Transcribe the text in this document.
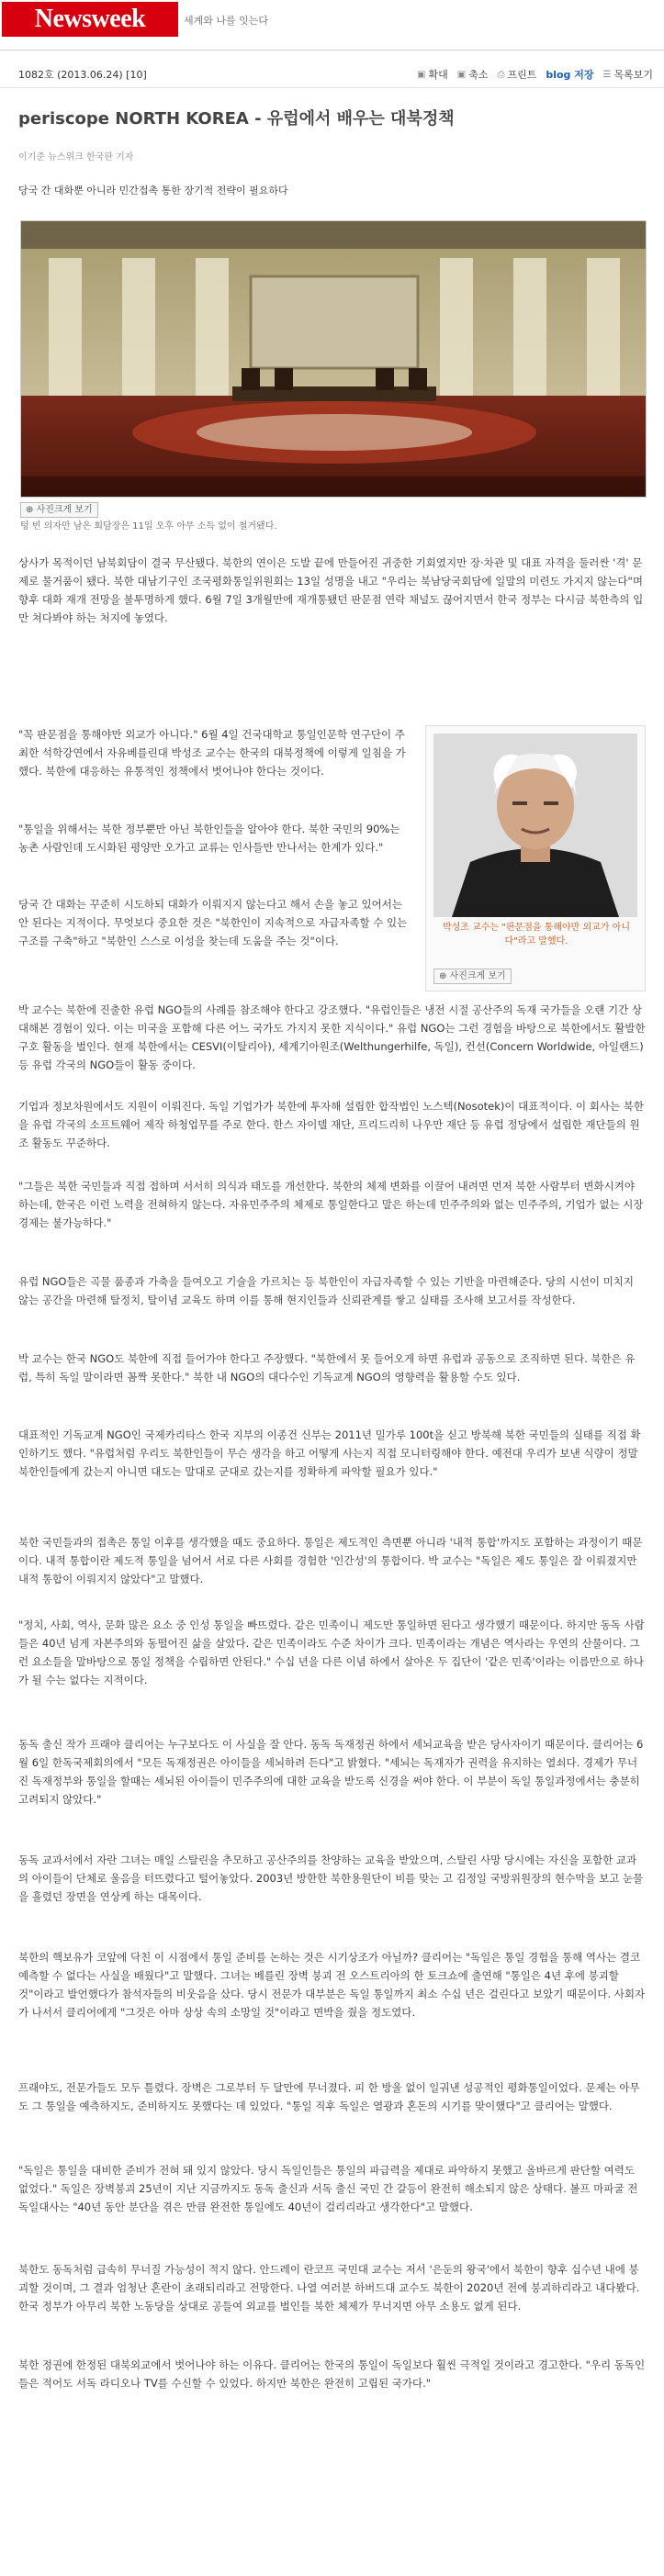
Newsweek	세계와 나를 잇는다
1082호 (2013.06.24) [10]	▣ 확대 ▣ 축소 ⎙ 프린트 blog 저장 ☰ 목록보기
periscope NORTH KOREA - 유럽에서 배우는 대북정책
이기준 뉴스위크 한국판 기자
당국 간 대화뿐 아니라 민간접촉 통한 장기적 전략이 필요하다
⊕ 사진크게 보기
텅 빈 의자만 남은 회담장은 11일 오후 아무 소득 없이 철거됐다.

상사가 목적이던 남북회담이 결국 무산됐다. 북한의 연이은 도발 끝에 만들어진 귀중한 기회였지만 장·차관 및 대표 자격을 둘러싼 '격' 문제로 물거품이 됐다. 북한 대남기구인 조국평화통일위원회는 13일 성명을 내고 "우리는 북남당국회담에 일말의 미련도 가지지 않는다"며 향후 대화 재개 전망을 불투명하게 했다. 6월 7일 3개월만에 재개통됐던 판문점 연락 채널도 끊어지면서 한국 정부는 다시금 북한측의 입만 쳐다봐야 하는 처지에 놓였다.

"꼭 판문점을 통해야만 외교가 아니다." 6월 4일 건국대학교 통일인문학 연구단이 주최한 석학강연에서 자유베를린대 박성조 교수는 한국의 대북정책에 이렇게 일침을 가했다. 북한에 대응하는 유통적인 정책에서 벗어나야 한다는 것이다.

"통일을 위해서는 북한 정부뿐만 아닌 북한인들을 알아야 한다. 북한 국민의 90%는 농촌 사람인데 도시화된 평양만 오가고 교류는 인사들만 만나서는 한계가 있다."

당국 간 대화는 꾸준히 시도하되 대화가 이뤄지지 않는다고 해서 손을 놓고 있어서는 안 된다는 지적이다. 무엇보다 중요한 것은 "북한인이 지속적으로 자급자족할 수 있는 구조를 구축"하고 "북한인 스스로 이성을 찾는데 도움을 주는 것"이다.

박성조 교수는 "판문점을 통해야만 외교가 아니다"라고 말했다.
⊕ 사진크게 보기

박 교수는 북한에 진출한 유럽 NGO들의 사례를 참조해야 한다고 강조했다. "유럽인들은 냉전 시절 공산주의 독재 국가들을 오랜 기간 상대해본 경험이 있다. 이는 미국을 포함해 다른 어느 국가도 가지지 못한 지식이다." 유럽 NGO는 그런 경험을 바탕으로 북한에서도 활발한 구호 활동을 벌인다. 현재 북한에서는 CESVI(이탈리아), 세계기아원조(Welthungerhilfe, 독일), 컨선(Concern Worldwide, 아일랜드) 등 유럽 각국의 NGO들이 활동 중이다.

기업과 정보차원에서도 지원이 이뤄진다. 독일 기업가가 북한에 투자해 설립한 합작법인 노스텍(Nosotek)이 대표적이다. 이 회사는 북한을 유럽 각국의 소프트웨어 제작 하청업무를 주로 한다. 한스 자이델 재단, 프리드리히 나우만 재단 등 유럽 정당에서 설립한 재단들의 원조 활동도 꾸준하다.

"그들은 북한 국민들과 직접 접하며 서서히 의식과 태도를 개선한다. 북한의 체제 변화를 이끌어 내려면 먼저 북한 사람부터 변화시켜야 하는데, 한국은 이런 노력을 전혀하지 않는다. 자유민주주의 체제로 통일한다고 말은 하는데 민주주의와 없는 민주주의, 기업가 없는 시장경제는 불가능하다."

유럽 NGO들은 곡물 품종과 가축을 들여오고 기술을 가르치는 등 북한인이 자급자족할 수 있는 기반을 마련해준다. 당의 시선이 미치지 않는 공간을 마련해 탈정치, 탈이념 교육도 하며 이를 통해 현지인들과 신뢰관계를 쌓고 실태를 조사해 보고서를 작성한다.

박 교수는 한국 NGO도 북한에 직접 들어가야 한다고 주장했다. "북한에서 못 들어오게 하면 유럽과 공동으로 조직하면 된다. 북한은 유럽, 특히 독일 말이라면 꼼짝 못한다." 북한 내 NGO의 대다수인 기독교계 NGO의 영향력을 활용할 수도 있다.

대표적인 기독교계 NGO인 국제카리타스 한국 지부의 이종건 신부는 2011년 밀가루 100t을 싣고 방북해 북한 국민들의 실태를 직접 확인하기도 했다. "유럽처럼 우리도 북한인들이 무슨 생각을 하고 어떻게 사는지 직접 모니터링해야 한다. 예전대 우리가 보낸 식량이 정말 북한인들에게 갔는지 아니면 대도는 말대로 군대로 갔는지를 정확하게 파악할 필요가 있다."

북한 국민들과의 접촉은 통일 이후를 생각했을 때도 중요하다. 통일은 제도적인 측면뿐 아니라 '내적 통합'까지도 포함하는 과정이기 때문이다. 내적 통합이란 제도적 통일을 넘어서 서로 다른 사회를 경험한 '인간성'의 통합이다. 박 교수는 "독일은 제도 통일은 잘 이뤄졌지만 내적 통합이 이뤄지지 않았다"고 말했다.

"정치, 사회, 역사, 문화 많은 요소 중 인성 통일을 빠뜨렸다. 같은 민족이니 제도만 통일하면 된다고 생각했기 때문이다. 하지만 동독 사람들은 40년 넘게 자본주의와 동떨어진 삶을 살았다. 같은 민족이라도 수준 차이가 크다. 민족이라는 개념은 역사라는 우연의 산물이다. 그런 요소들을 말바탕으로 통일 정책을 수립하면 안된다." 수십 년을 다른 이념 하에서 살아온 두 집단이 '같은 민족'이라는 이름만으로 하나가 될 수는 없다는 지적이다.

동독 출신 작가 프래야 클리어는 누구보다도 이 사실을 잘 안다. 동독 독재정권 하에서 세뇌교육을 받은 당사자이기 때문이다. 클리어는 6월 6일 한독국제회의에서 "모든 독재정권은 아이들을 세뇌하려 든다"고 밝혔다. "세뇌는 독재자가 권력을 유지하는 열쇠다. 경제가 무너진 독재정부와 통일을 할때는 세뇌된 아이들이 민주주의에 대한 교육을 받도록 신경을 써야 한다. 이 부분이 독일 통일과정에서는 충분히 고려되지 않았다."

동독 교과서에서 자란 그녀는 매일 스탈린을 추모하고 공산주의를 찬양하는 교육을 받았으며, 스탈린 사망 당시에는 자신을 포함한 교과의 아이들이 단체로 울음을 터뜨렸다고 털어놓았다. 2003년 방한한 북한용원단이 비를 맞는 고 김정일 국방위원장의 현수막을 보고 눈물을 흘렸던 장면을 연상케 하는 대목이다.

북한의 핵보유가 코앞에 닥친 이 시점에서 통일 준비를 논하는 것은 시기상조가 아닐까? 클리어는 "독일은 통일 경험을 통해 역사는 결코 예측할 수 없다는 사실을 배웠다"고 말했다. 그녀는 베를린 장벽 붕괴 전 오스트리아의 한 토크쇼에 출연해 "통일은 4년 후에 붕괴할 것"이라고 발언했다가 참석자들의 비웃음을 샀다. 당시 전문가 대부분은 독일 통일까지 최소 수십 년은 걸린다고 보았기 때문이다. 사회자가 나서서 클리어에게 "그것은 아마 상상 속의 소망일 것"이라고 면박을 줬을 정도였다.

프래야도, 전문가들도 모두 틀렸다. 장벽은 그로부터 두 달만에 무너졌다. 피 한 방울 없이 일궈낸 성공적인 평화통일이었다. 문제는 아무도 그 통일을 예측하지도, 준비하지도 못했다는 데 있었다. "통일 직후 독일은 열광과 혼돈의 시기를 맞이했다"고 클리어는 말했다.

"독일은 통일을 대비한 준비가 전혀 돼 있지 않았다. 당시 독일인들은 통일의 파급력을 제대로 파악하지 못했고 올바르게 판단할 여력도 없었다." 독일은 장벽붕괴 25년이 지난 지금까지도 동독 출신과 서독 출신 국민 간 갈등이 완전히 해소되지 않은 상태다. 볼프 마파굴 전 독일대사는 "40년 동안 분단을 겪은 만큼 완전한 통일에도 40년이 걸리리라고 생각한다"고 말했다.

북한도 동독처럼 급속히 무너질 가능성이 적지 않다. 안드레이 란코프 국민대 교수는 저서 '은둔의 왕국'에서 북한이 향후 십수년 내에 붕괴할 것이며, 그 결과 엄청난 혼란이 초래되리라고 전망한다. 나열 여러분 하버드대 교수도 북한이 2020년 전에 붕괴하리라고 내다봤다. 한국 정부가 아무리 북한 노동당을 상대로 공들여 외교를 벌인들 북한 체제가 무너지면 아무 소용도 없게 된다.

북한 정권에 한정된 대북외교에서 벗어나야 하는 이유다. 클리어는 한국의 통일이 독일보다 훨씬 극적일 것이라고 경고한다. "우리 동독인들은 적어도 서독 라디오나 TV를 수신할 수 있었다. 하지만 북한은 완전히 고립된 국가다."
